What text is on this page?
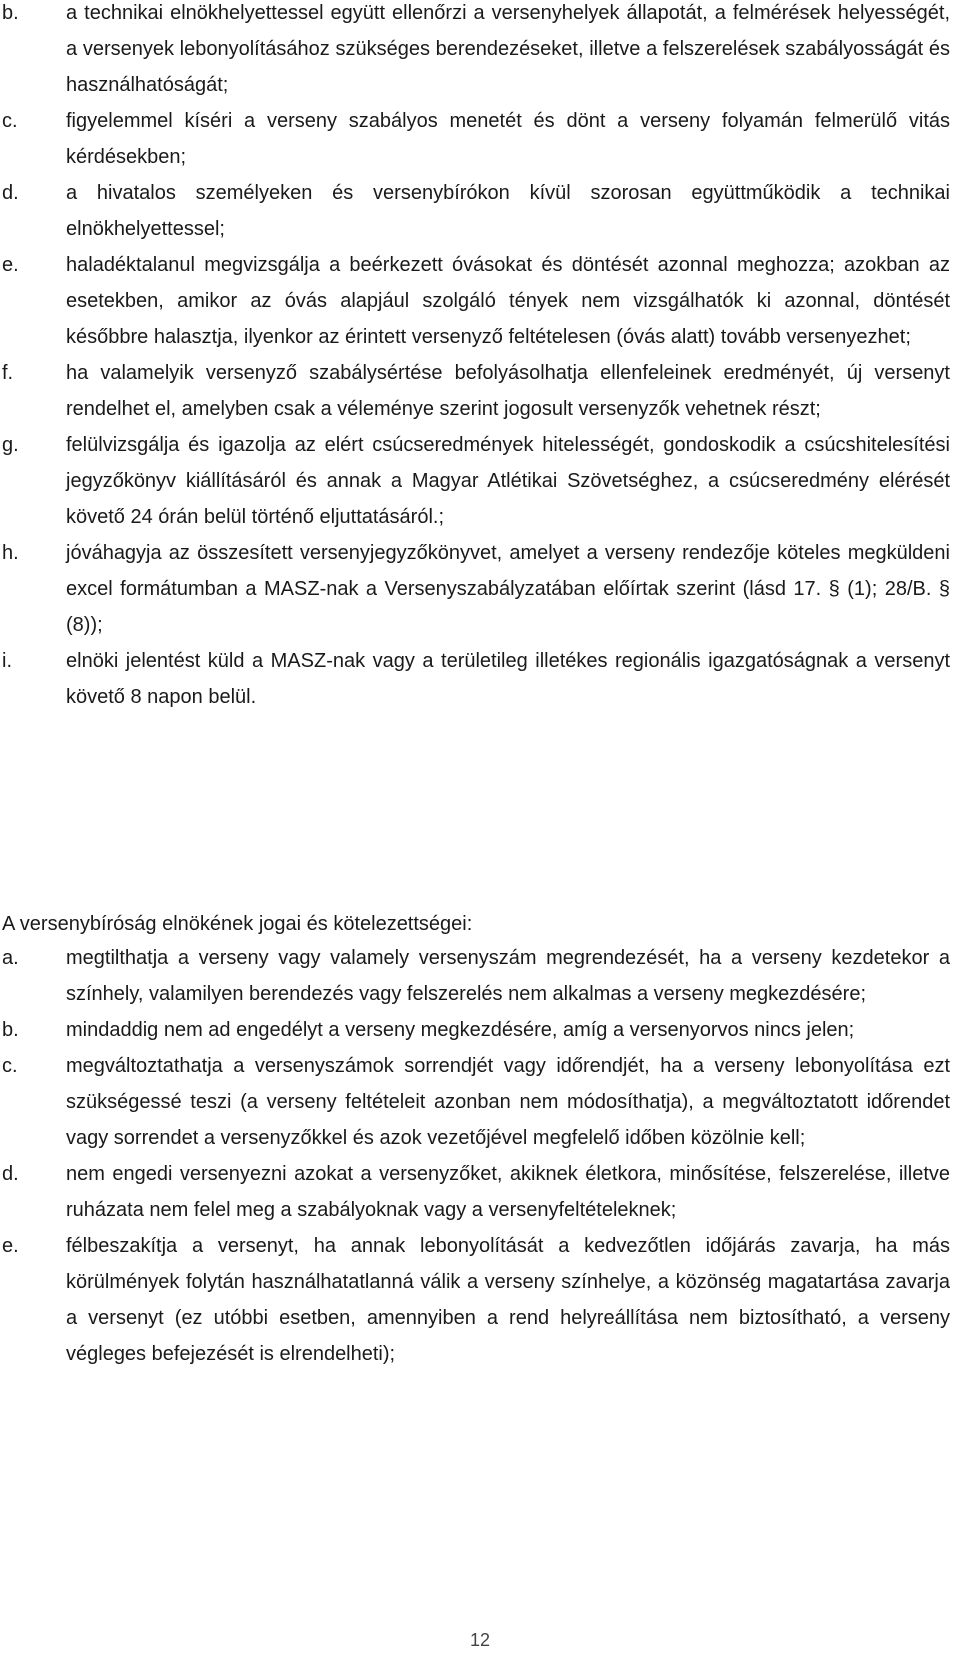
b. a technikai elnökhelyettessel együtt ellenőrzi a versenyhelyek állapotát, a felmérések helyességét, a versenyek lebonyolításához szükséges berendezéseket, illetve a felszerelések szabályosságát és használhatóságát;
c. figyelemmel kíséri a verseny szabályos menetét és dönt a verseny folyamán felmerülő vitás kérdésekben;
d. a hivatalos személyeken és versenybírókon kívül szorosan együttműködik a technikai elnökhelyettessel;
e. haladéktalanul megvizsgálja a beérkezett óvásokat és döntését azonnal meghozza; azokban az esetekben, amikor az óvás alapjául szolgáló tények nem vizsgálhatók ki azonnal, döntését későbbre halasztja, ilyenkor az érintett versenyző feltételesen (óvás alatt) tovább versenyezhet;
f.	ha valamelyik versenyző szabálysértése befolyásolhatja ellenfeleinek eredményét, új versenyt rendelhet el, amelyben csak a véleménye szerint jogosult versenyzők vehetnek részt;
g. felülvizsgálja és igazolja az elért csúcseredmények hitelességét, gondoskodik a csúcshitelesítési jegyzőkönyv kiállításáról és annak a Magyar Atlétikai Szövetséghez, a csúcseredmény elérését követő 24 órán belül történő eljuttatásáról.;
h. jóváhagyja az összesített versenyjegyzőkönyvet, amelyet a verseny rendezője köteles megküldeni excel formátumban a MASZ-nak a Versenyszabályzatában előírtak szerint (lásd 17. § (1); 28/B. § (8));
i.	elnöki jelentést küld a MASZ-nak vagy a területileg illetékes regionális igazgatóságnak a versenyt követő 8 napon belül.
A versenybíróság elnökének jogai és kötelezettségei:
a. megtilthatja a verseny vagy valamely versenyszám megrendezését, ha a verseny kezdetekor a színhely, valamilyen berendezés vagy felszerelés nem alkalmas a verseny megkezdésére;
b. mindaddig nem ad engedélyt a verseny megkezdésére, amíg a versenyorvos nincs jelen;
c. megváltoztathatja a versenyszámok sorrendjét vagy időrendjét, ha a verseny lebonyolítása ezt szükségessé teszi (a verseny feltételeit azonban nem módosíthatja), a megváltoztatott időrendet vagy sorrendet a versenyzőkkel és azok vezetőjével megfelelő időben közölnie kell;
d. nem engedi versenyezni azokat a versenyzőket, akiknek életkora, minősítése, felszerelése, illetve ruházata nem felel meg a szabályoknak vagy a versenyfeltételeknek;
e. félbeszakítja a versenyt, ha annak lebonyolítását a kedvezőtlen időjárás zavarja, ha más körülmények folytán használhatatlanná válik a verseny színhelye, a közönség magatartása zavarja a versenyt (ez utóbbi esetben, amennyiben a rend helyreállítása nem biztosítható, a verseny végleges befejezését is elrendelheti);
12
